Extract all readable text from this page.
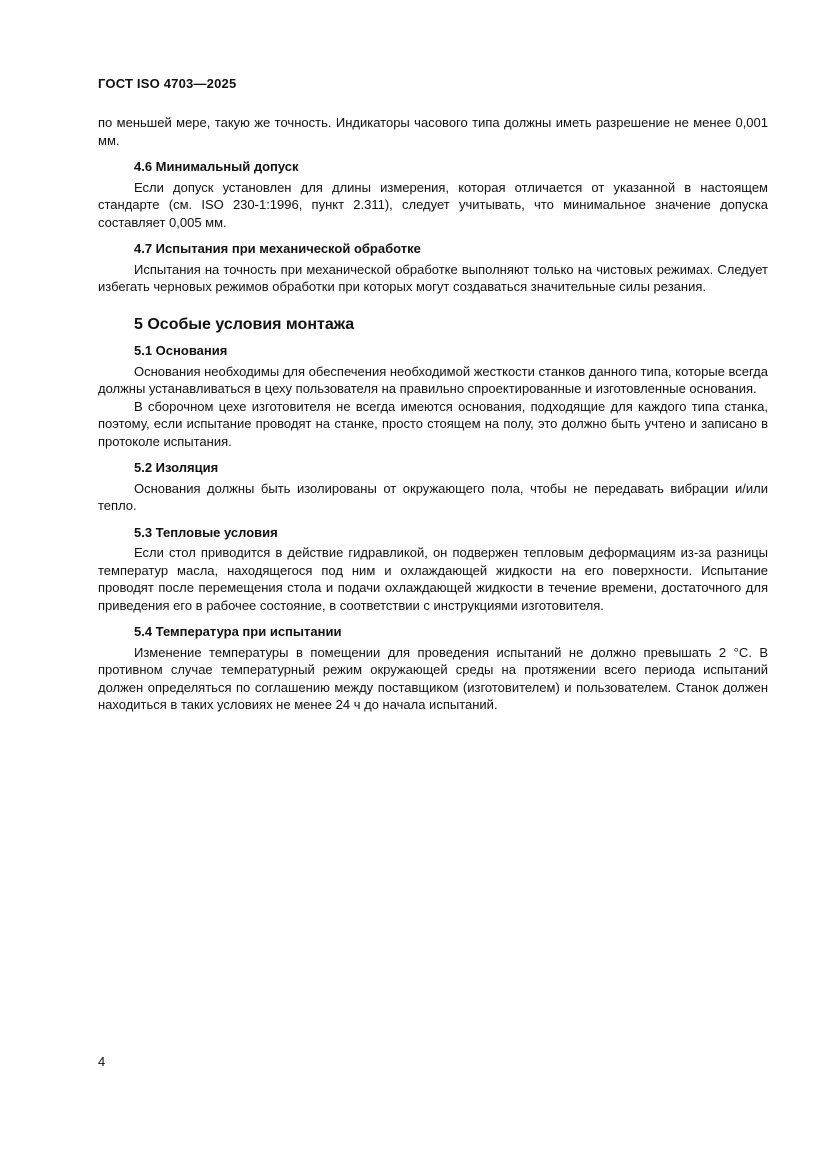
ГОСТ ISO 4703—2025

по меньшей мере, такую же точность. Индикаторы часового типа должны иметь разрешение не менее 0,001 мм.

4.6 Минимальный допуск

Если допуск установлен для длины измерения, которая отличается от указанной в настоящем стандарте (см. ISO 230-1:1996, пункт 2.311), следует учитывать, что минимальное значение допуска составляет 0,005 мм.

4.7 Испытания при механической обработке

Испытания на точность при механической обработке выполняют только на чистовых режимах. Следует избегать черновых режимов обработки при которых могут создаваться значительные силы резания.

5 Особые условия монтажа
5.1 Основания

Основания необходимы для обеспечения необходимой жесткости станков данного типа, которые всегда должны устанавливаться в цеху пользователя на правильно спроектированные и изготовленные основания.

В сборочном цехе изготовителя не всегда имеются основания, подходящие для каждого типа станка, поэтому, если испытание проводят на станке, просто стоящем на полу, это должно быть учтено и записано в протоколе испытания.

5.2 Изоляция

Основания должны быть изолированы от окружающего пола, чтобы не передавать вибрации и/или тепло.

5.3 Тепловые условия

Если стол приводится в действие гидравликой, он подвержен тепловым деформациям из-за разницы температур масла, находящегося под ним и охлаждающей жидкости на его поверхности. Испытание проводят после перемещения стола и подачи охлаждающей жидкости в течение времени, достаточного для приведения его в рабочее состояние, в соответствии с инструкциями изготовителя.

5.4 Температура при испытании

Изменение температуры в помещении для проведения испытаний не должно превышать 2 °С. В противном случае температурный режим окружающей среды на протяжении всего периода испытаний должен определяться по соглашению между поставщиком (изготовителем) и пользователем. Станок должен находиться в таких условиях не менее 24 ч до начала испытаний.

4
